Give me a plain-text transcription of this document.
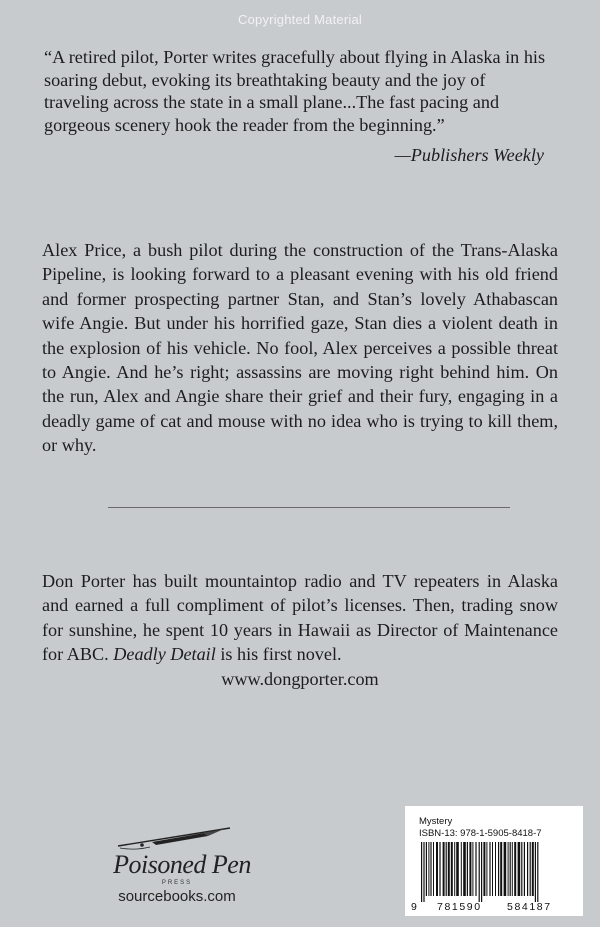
Copyrighted Material
“A retired pilot, Porter writes gracefully about flying in Alaska in his soaring debut, evoking its breathtaking beauty and the joy of traveling across the state in a small plane...The fast pacing and gorgeous scenery hook the reader from the beginning.”
—Publishers Weekly
Alex Price, a bush pilot during the construction of the Trans-Alaska Pipeline, is looking forward to a pleasant evening with his old friend and former prospecting partner Stan, and Stan’s lovely Athabascan wife Angie. But under his horrified gaze, Stan dies a violent death in the explosion of his vehicle. No fool, Alex perceives a possible threat to Angie. And he’s right; assassins are moving right behind him. On the run, Alex and Angie share their grief and their fury, engaging in a deadly game of cat and mouse with no idea who is trying to kill them, or why.
Don Porter has built mountaintop radio and TV repeaters in Alaska and earned a full compliment of pilot’s licenses. Then, trading snow for sunshine, he spent 10 years in Hawaii as Director of Maintenance for ABC. Deadly Detail is his first novel.
www.dongporter.com
Poisoned Pen
PRESS
sourcebooks.com
Mystery
ISBN-13: 978-1-5905-8418-7
9 781590 584187
